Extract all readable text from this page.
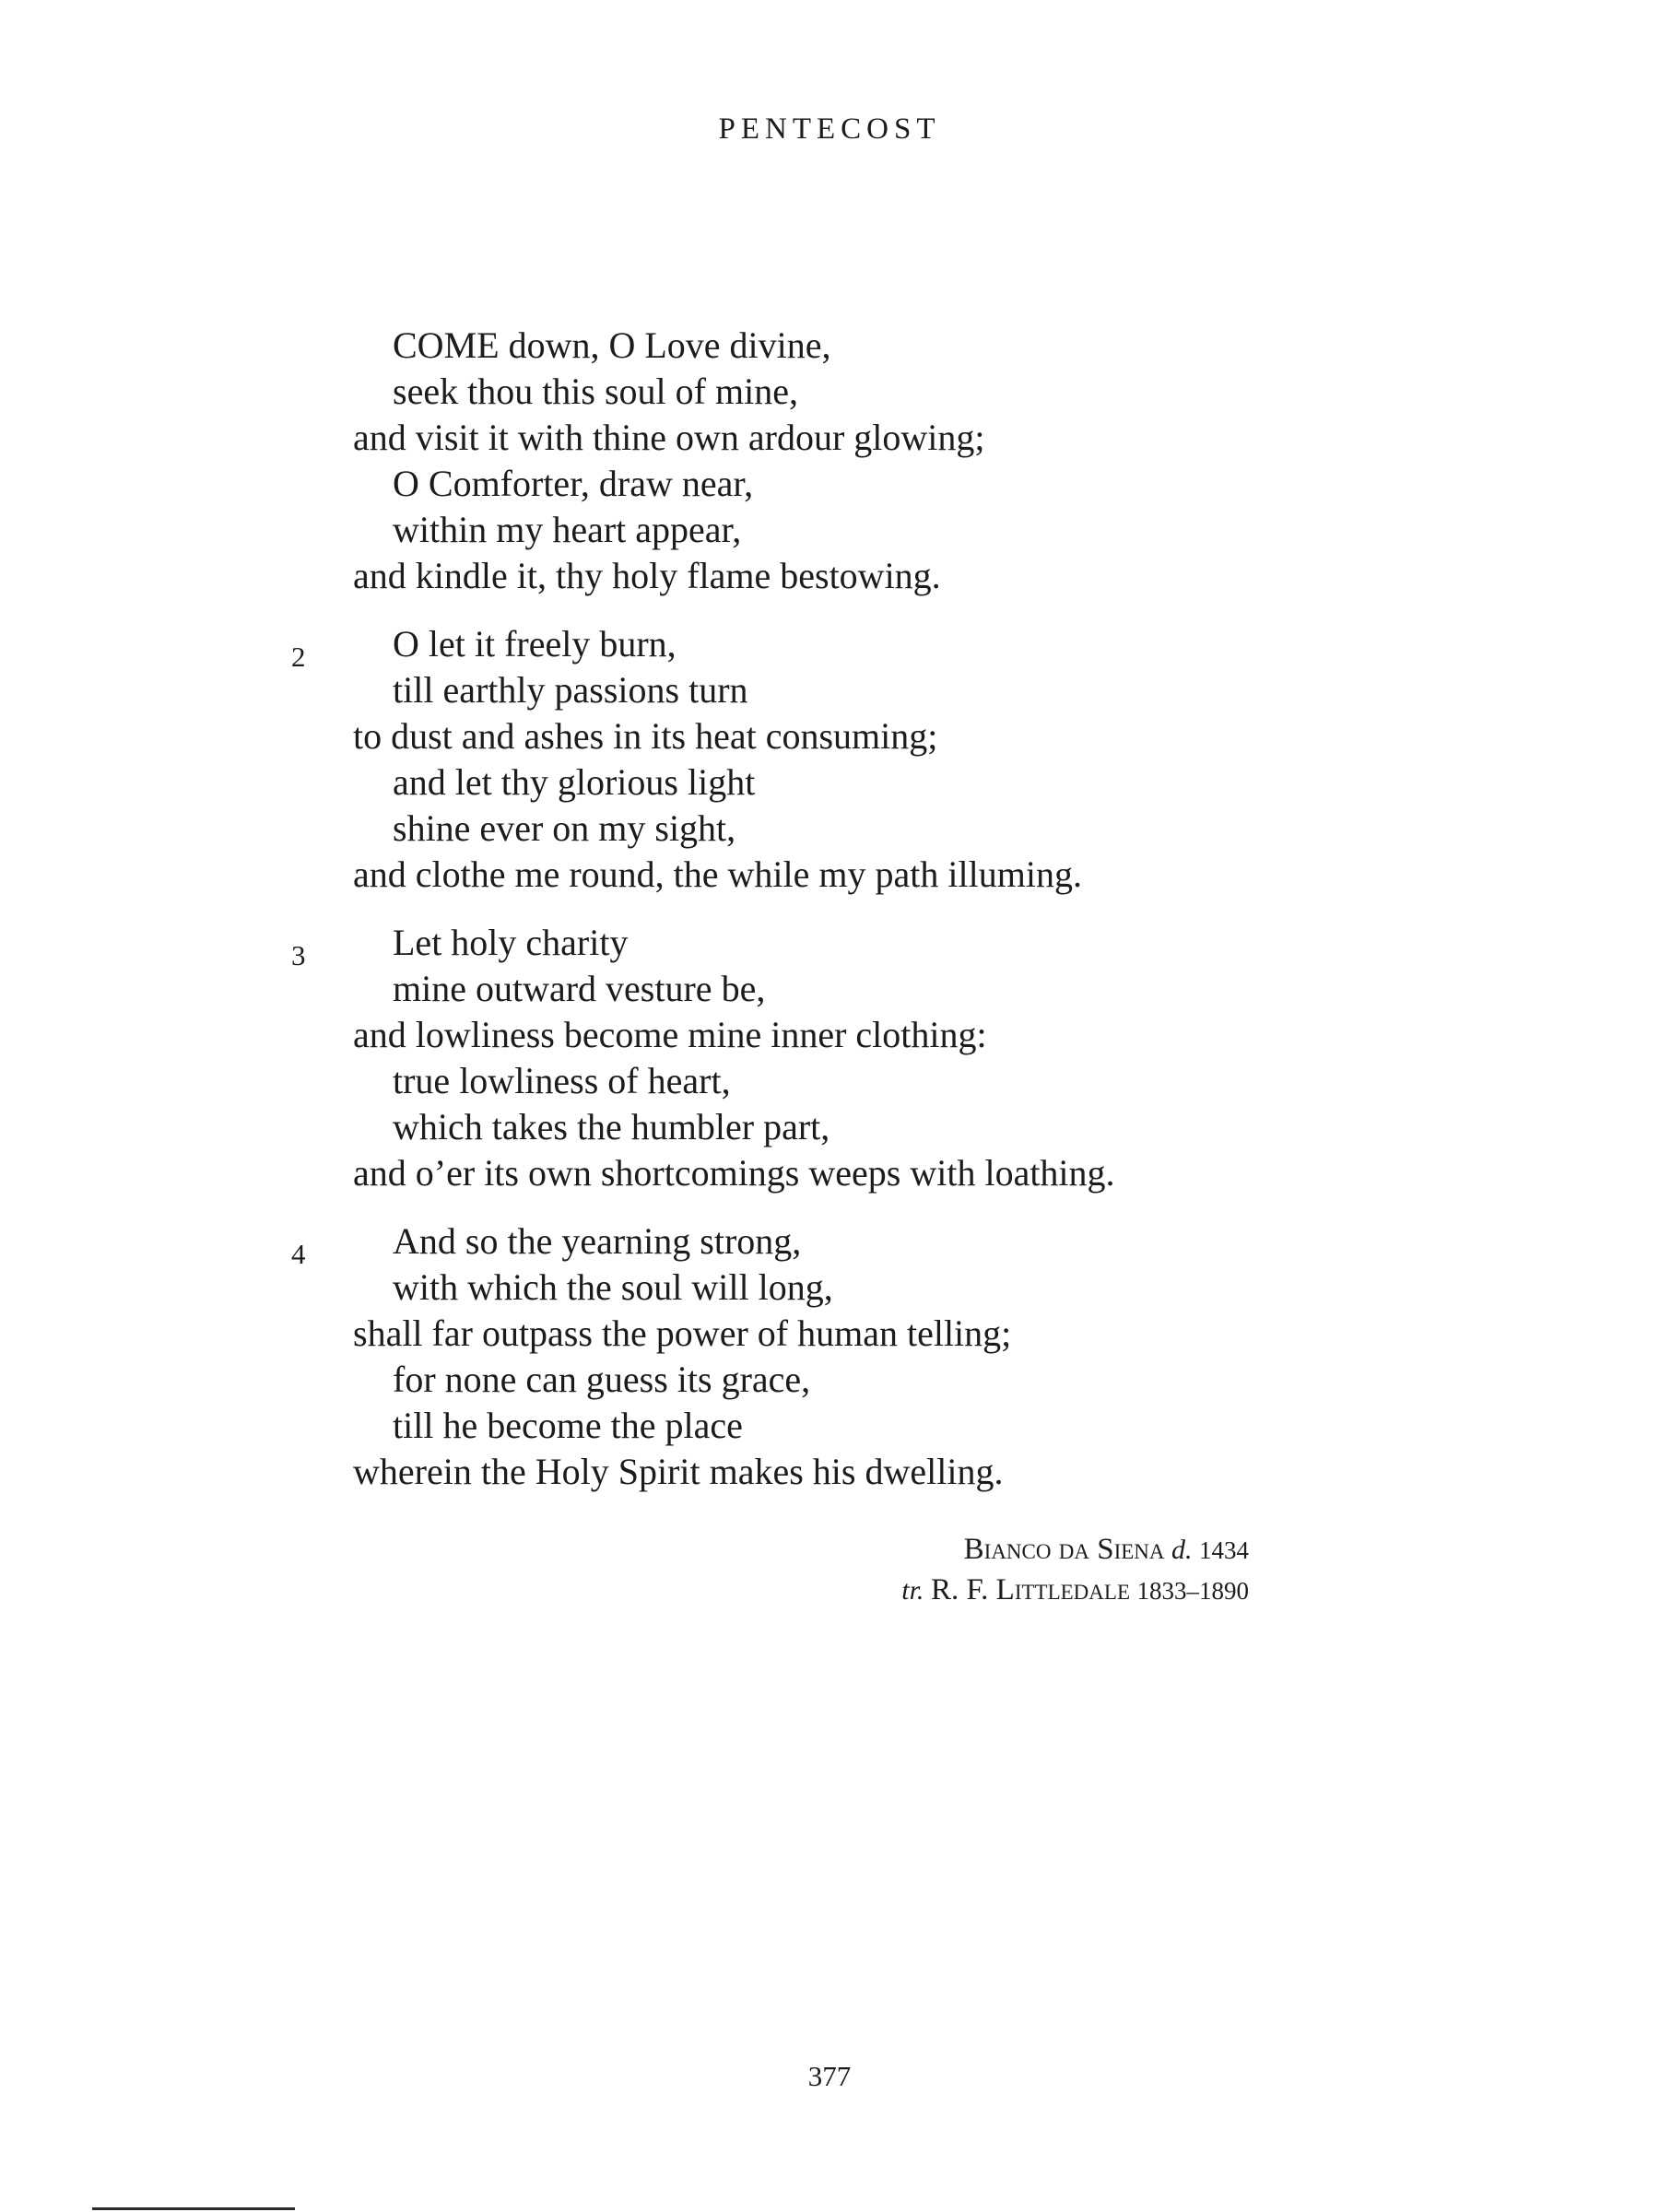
PENTECOST
COME down, O Love divine,
seek thou this soul of mine,
and visit it with thine own ardour glowing;
O Comforter, draw near,
within my heart appear,
and kindle it, thy holy flame bestowing.
2	O let it freely burn,
till earthly passions turn
to dust and ashes in its heat consuming;
and let thy glorious light
shine ever on my sight,
and clothe me round, the while my path illuming.
3	Let holy charity
mine outward vesture be,
and lowliness become mine inner clothing:
true lowliness of heart,
which takes the humbler part,
and o’er its own shortcomings weeps with loathing.
4	And so the yearning strong,
with which the soul will long,
shall far outpass the power of human telling;
for none can guess its grace,
till he become the place
wherein the Holy Spirit makes his dwelling.
Bianco da Siena d. 1434
tr. R. F. Littledale 1833–1890
377
